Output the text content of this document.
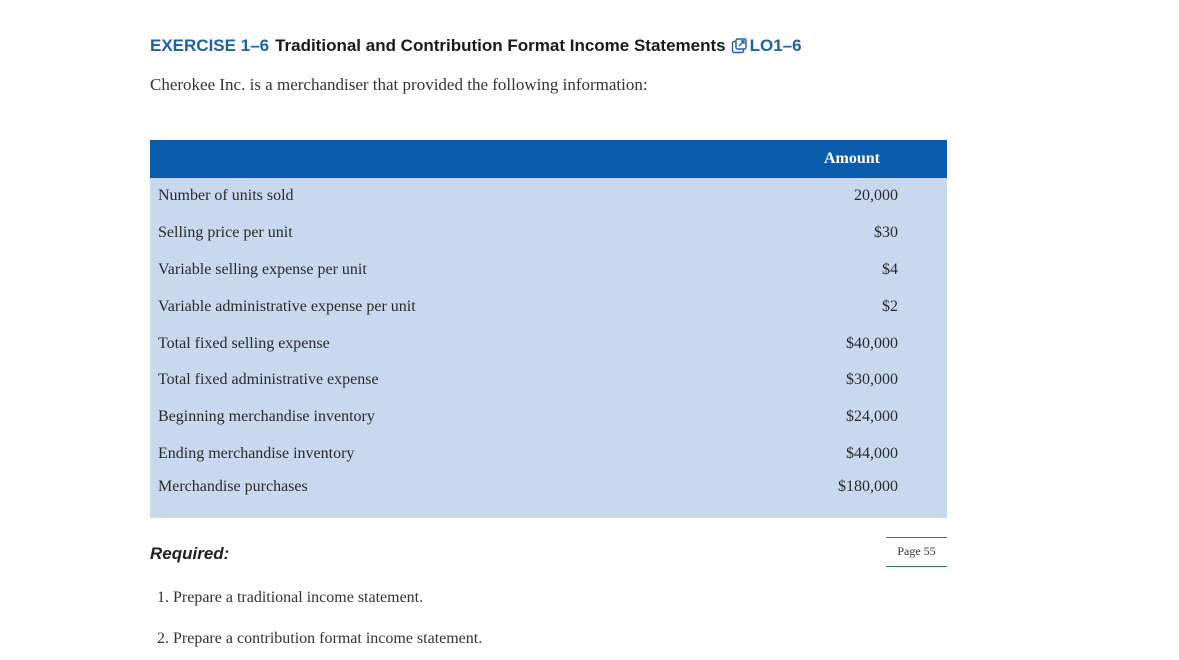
EXERCISE 1–6 Traditional and Contribution Format Income Statements LO1–6
Cherokee Inc. is a merchandiser that provided the following information:
	Amount
Number of units sold	20,000
Selling price per unit	$30
Variable selling expense per unit	$4
Variable administrative expense per unit	$2
Total fixed selling expense	$40,000
Total fixed administrative expense	$30,000
Beginning merchandise inventory	$24,000
Ending merchandise inventory	$44,000
Merchandise purchases	$180,000
Page 55
Required:
1. Prepare a traditional income statement.
2. Prepare a contribution format income statement.
